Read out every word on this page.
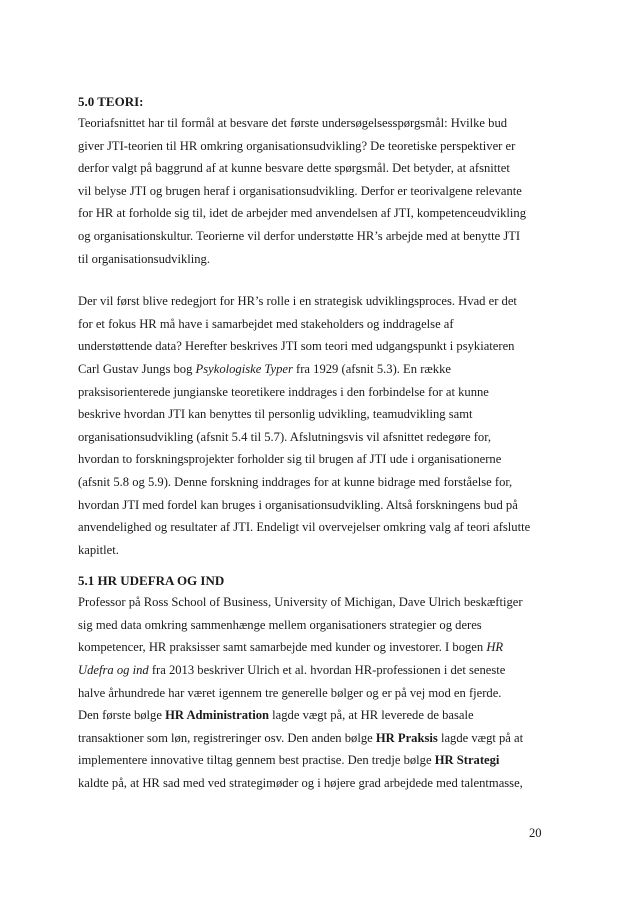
5.0 TEORI:

Teoriafsnittet har til formål at besvare det første undersøgelsesspørgsmål: Hvilke bud
giver JTI-teorien til HR omkring organisationsudvikling? De teoretiske perspektiver er
derfor valgt på baggrund af at kunne besvare dette spørgsmål. Det betyder, at afsnittet
vil belyse JTI og brugen heraf i organisationsudvikling. Derfor er teorivalgene relevante
for HR at forholde sig til, idet de arbejder med anvendelsen af JTI, kompetenceudvikling
og organisationskultur. Teorierne vil derfor understøtte HR’s arbejde med at benytte JTI
til organisationsudvikling.

Der vil først blive redegjort for HR’s rolle i en strategisk udviklingsproces. Hvad er det
for et fokus HR må have i samarbejdet med stakeholders og inddragelse af
understøttende data? Herefter beskrives JTI som teori med udgangspunkt i psykiateren
Carl Gustav Jungs bog Psykologiske Typer fra 1929 (afsnit 5.3). En række
praksisorienterede jungianske teoretikere inddrages i den forbindelse for at kunne
beskrive hvordan JTI kan benyttes til personlig udvikling, teamudvikling samt
organisationsudvikling (afsnit 5.4 til 5.7). Afslutningsvis vil afsnittet redegøre for,
hvordan to forskningsprojekter forholder sig til brugen af JTI ude i organisationerne
(afsnit 5.8 og 5.9). Denne forskning inddrages for at kunne bidrage med forståelse for,
hvordan JTI med fordel kan bruges i organisationsudvikling. Altså forskningens bud på
anvendelighed og resultater af JTI. Endeligt vil overvejelser omkring valg af teori afslutte
kapitlet.

5.1 HR UDEFRA OG IND

Professor på Ross School of Business, University of Michigan, Dave Ulrich beskæftiger
sig med data omkring sammenhænge mellem organisationers strategier og deres
kompetencer, HR praksisser samt samarbejde med kunder og investorer. I bogen HR
Udefra og ind fra 2013 beskriver Ulrich et al. hvordan HR-professionen i det seneste
halve århundrede har været igennem tre generelle bølger og er på vej mod en fjerde.
Den første bølge HR Administration lagde vægt på, at HR leverede de basale
transaktioner som løn, registreringer osv. Den anden bølge HR Praksis lagde vægt på at
implementere innovative tiltag gennem best practise. Den tredje bølge HR Strategi
kaldte på, at HR sad med ved strategimøder og i højere grad arbejdede med talentmasse,

20
